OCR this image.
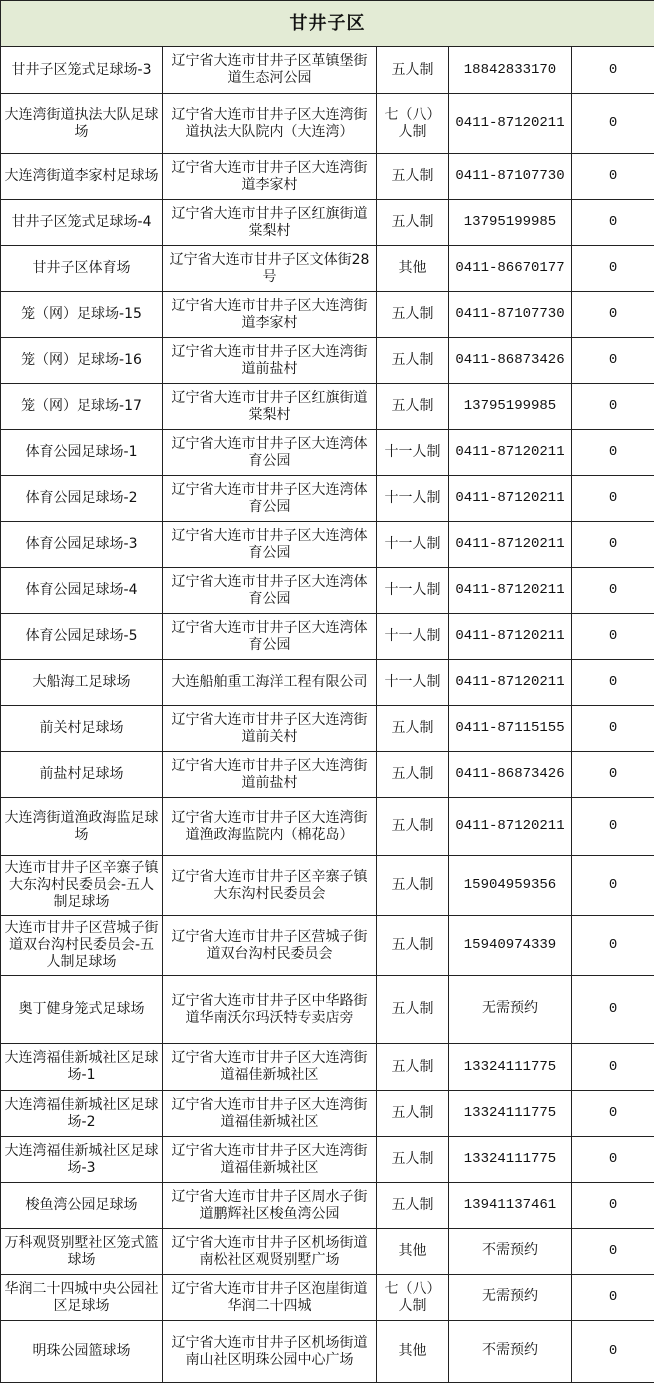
甘井子区				
甘井子区笼式足球场-3	辽宁省大连市甘井子区革镇堡街道生态河公园	五人制	18842833170	0
大连湾街道执法大队足球场	辽宁省大连市甘井子区大连湾街道执法大队院内（大连湾）	七（八）人制	0411-87120211	0
大连湾街道李家村足球场	辽宁省大连市甘井子区大连湾街道李家村	五人制	0411-87107730	0
甘井子区笼式足球场-4	辽宁省大连市甘井子区红旗街道棠梨村	五人制	13795199985	0
甘井子区体育场	辽宁省大连市甘井子区文体街28号	其他	0411-86670177	0
笼（网）足球场-15	辽宁省大连市甘井子区大连湾街道李家村	五人制	0411-87107730	0
笼（网）足球场-16	辽宁省大连市甘井子区大连湾街道前盐村	五人制	0411-86873426	0
笼（网）足球场-17	辽宁省大连市甘井子区红旗街道棠梨村	五人制	13795199985	0
体育公园足球场-1	辽宁省大连市甘井子区大连湾体育公园	十一人制	0411-87120211	0
体育公园足球场-2	辽宁省大连市甘井子区大连湾体育公园	十一人制	0411-87120211	0
体育公园足球场-3	辽宁省大连市甘井子区大连湾体育公园	十一人制	0411-87120211	0
体育公园足球场-4	辽宁省大连市甘井子区大连湾体育公园	十一人制	0411-87120211	0
体育公园足球场-5	辽宁省大连市甘井子区大连湾体育公园	十一人制	0411-87120211	0
大船海工足球场	大连船舶重工海洋工程有限公司	十一人制	0411-87120211	0
前关村足球场	辽宁省大连市甘井子区大连湾街道前关村	五人制	0411-87115155	0
前盐村足球场	辽宁省大连市甘井子区大连湾街道前盐村	五人制	0411-86873426	0
大连湾街道渔政海监足球场	辽宁省大连市甘井子区大连湾街道渔政海监院内（棉花岛）	五人制	0411-87120211	0
大连市甘井子区辛寨子镇大东沟村民委员会-五人制足球场	辽宁省大连市甘井子区辛寨子镇大东沟村民委员会	五人制	15904959356	0
大连市甘井子区营城子街道双台沟村民委员会-五人制足球场	辽宁省大连市甘井子区营城子街道双台沟村民委员会	五人制	15940974339	0
奥丁健身笼式足球场	辽宁省大连市甘井子区中华路街道华南沃尔玛沃特专卖店旁	五人制	无需预约	0
大连湾福佳新城社区足球场-1	辽宁省大连市甘井子区大连湾街道福佳新城社区	五人制	13324111775	0
大连湾福佳新城社区足球场-2	辽宁省大连市甘井子区大连湾街道福佳新城社区	五人制	13324111775	0
大连湾福佳新城社区足球场-3	辽宁省大连市甘井子区大连湾街道福佳新城社区	五人制	13324111775	0
梭鱼湾公园足球场	辽宁省大连市甘井子区周水子街道鹏辉社区梭鱼湾公园	五人制	13941137461	0
万科观贤别墅社区笼式篮球场	辽宁省大连市甘井子区机场街道南松社区观贤别墅广场	其他	不需预约	0
华润二十四城中央公园社区足球场	辽宁省大连市甘井子区泡崖街道华润二十四城	七（八）人制	无需预约	0
明珠公园篮球场	辽宁省大连市甘井子区机场街道南山社区明珠公园中心广场	其他	不需预约	0
